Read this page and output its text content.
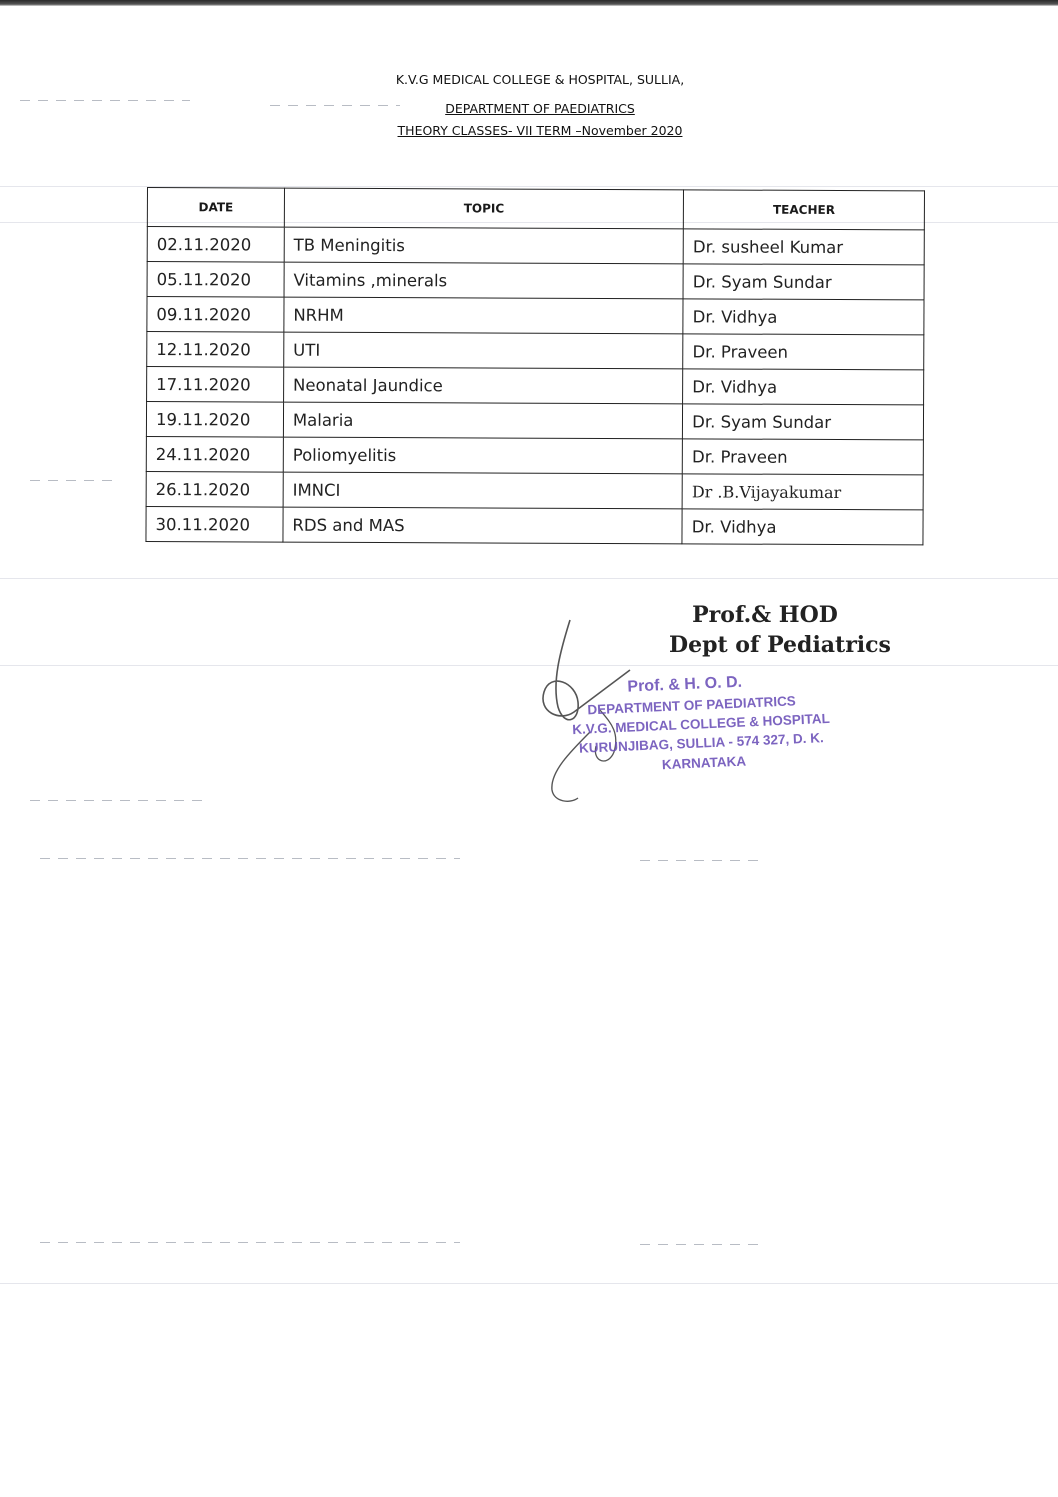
K.V.G MEDICAL COLLEGE & HOSPITAL, SULLIA,
DEPARTMENT OF PAEDIATRICS
THEORY CLASSES- VII TERM –November 2020
DATE	TOPIC	TEACHER
02.11.2020	TB Meningitis	Dr. susheel Kumar
05.11.2020	Vitamins ,minerals	Dr. Syam Sundar
09.11.2020	NRHM	Dr. Vidhya
12.11.2020	UTI	Dr. Praveen
17.11.2020	Neonatal Jaundice	Dr. Vidhya
19.11.2020	Malaria	Dr. Syam Sundar
24.11.2020	Poliomyelitis	Dr. Praveen
26.11.2020	IMNCI	Dr .B.Vijayakumar
30.11.2020	RDS and MAS	Dr. Vidhya
Prof.& HOD
Dept of Pediatrics
Prof. & H. O. D.
DEPARTMENT OF PAEDIATRICS
K.V.G. MEDICAL COLLEGE & HOSPITAL
KURUNJIBAG, SULLIA - 574 327, D. K.
KARNATAKA
